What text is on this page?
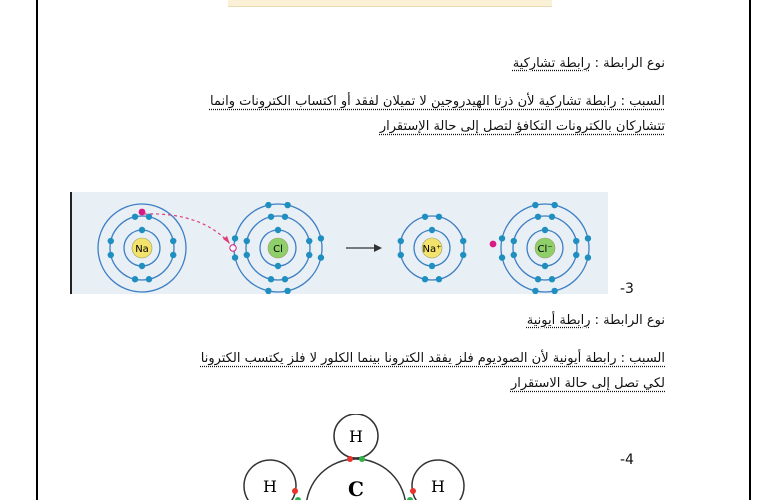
نوع الرابطة : رابطة تشاركية
السبب : رابطة تشاركية لأن ذرتا الهيدروجين لا تميلان لفقد أو اكتساب الكترونات وانما
تتشاركان بالكترونات التكافؤ لتصل إلى حالة الإستقرار
Na	Cl	Na⁺	Cl⁻
-3
نوع الرابطة : رابطة أيونية
السبب : رابطة أيونية لأن الصوديوم فلز يفقد الكترونا بينما الكلور لا فلز يكتسب الكترونا
لكي تصل إلى حالة الاستقرار
-4
H
H	H
C
